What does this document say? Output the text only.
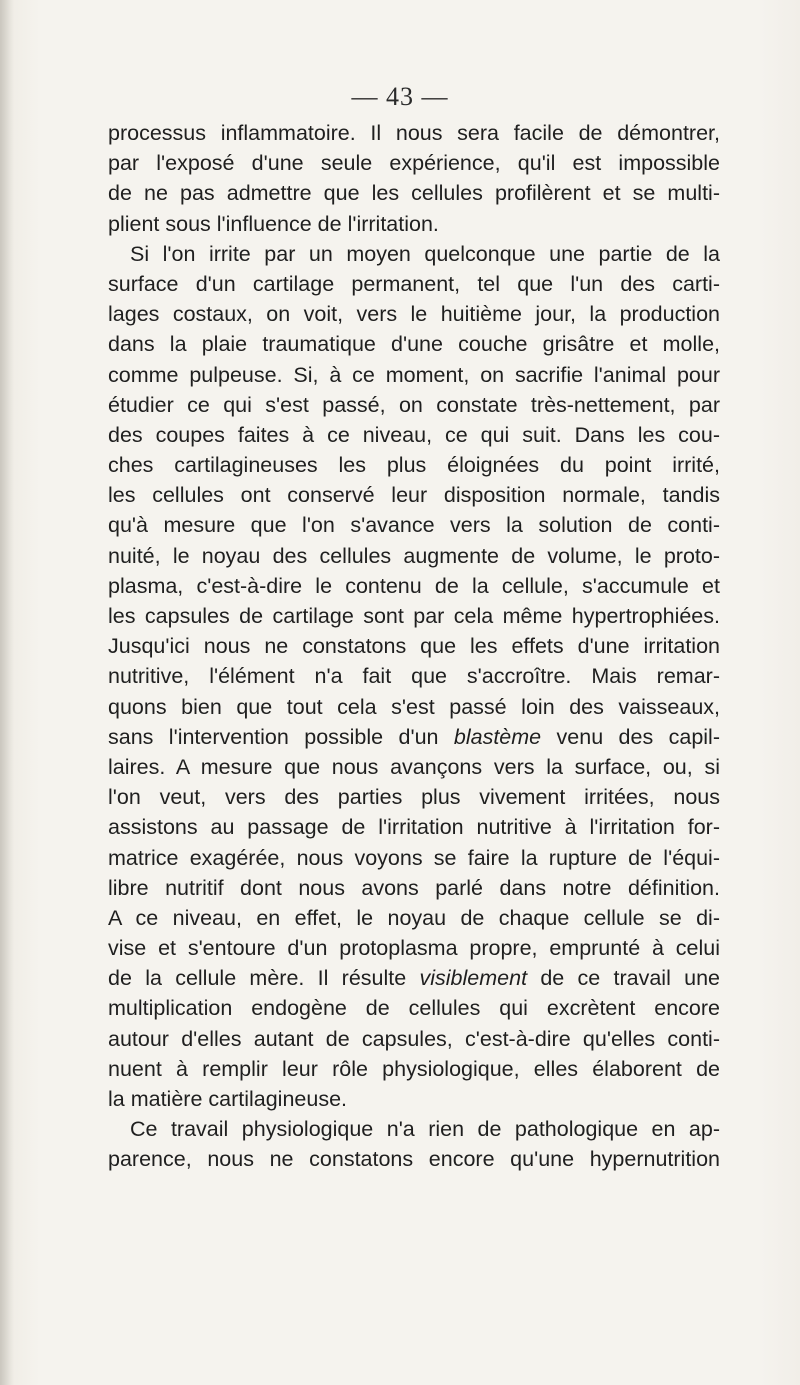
— 43 —
processus inflammatoire. Il nous sera facile de démontrer,
par l'exposé d'une seule expérience, qu'il est impossible
de ne pas admettre que les cellules profilèrent et se multi-
plient sous l'influence de l'irritation.
Si l'on irrite par un moyen quelconque une partie de la
surface d'un cartilage permanent, tel que l'un des carti-
lages costaux, on voit, vers le huitième jour, la production
dans la plaie traumatique d'une couche grisâtre et molle,
comme pulpeuse. Si, à ce moment, on sacrifie l'animal pour
étudier ce qui s'est passé, on constate très-nettement, par
des coupes faites à ce niveau, ce qui suit. Dans les cou-
ches cartilagineuses les plus éloignées du point irrité,
les cellules ont conservé leur disposition normale, tandis
qu'à mesure que l'on s'avance vers la solution de conti-
nuité, le noyau des cellules augmente de volume, le proto-
plasma, c'est-à-dire le contenu de la cellule, s'accumule et
les capsules de cartilage sont par cela même hypertrophiées.
Jusqu'ici nous ne constatons que les effets d'une irritation
nutritive, l'élément n'a fait que s'accroître. Mais remar-
quons bien que tout cela s'est passé loin des vaisseaux,
sans l'intervention possible d'un blastème venu des capil-
laires. A mesure que nous avançons vers la surface, ou, si
l'on veut, vers des parties plus vivement irritées, nous
assistons au passage de l'irritation nutritive à l'irritation for-
matrice exagérée, nous voyons se faire la rupture de l'équi-
libre nutritif dont nous avons parlé dans notre définition.
A ce niveau, en effet, le noyau de chaque cellule se di-
vise et s'entoure d'un protoplasma propre, emprunté à celui
de la cellule mère. Il résulte visiblement de ce travail une
multiplication endogène de cellules qui excrètent encore
autour d'elles autant de capsules, c'est-à-dire qu'elles conti-
nuent à remplir leur rôle physiologique, elles élaborent de
la matière cartilagineuse.
Ce travail physiologique n'a rien de pathologique en ap-
parence, nous ne constatons encore qu'une hypernutrition
